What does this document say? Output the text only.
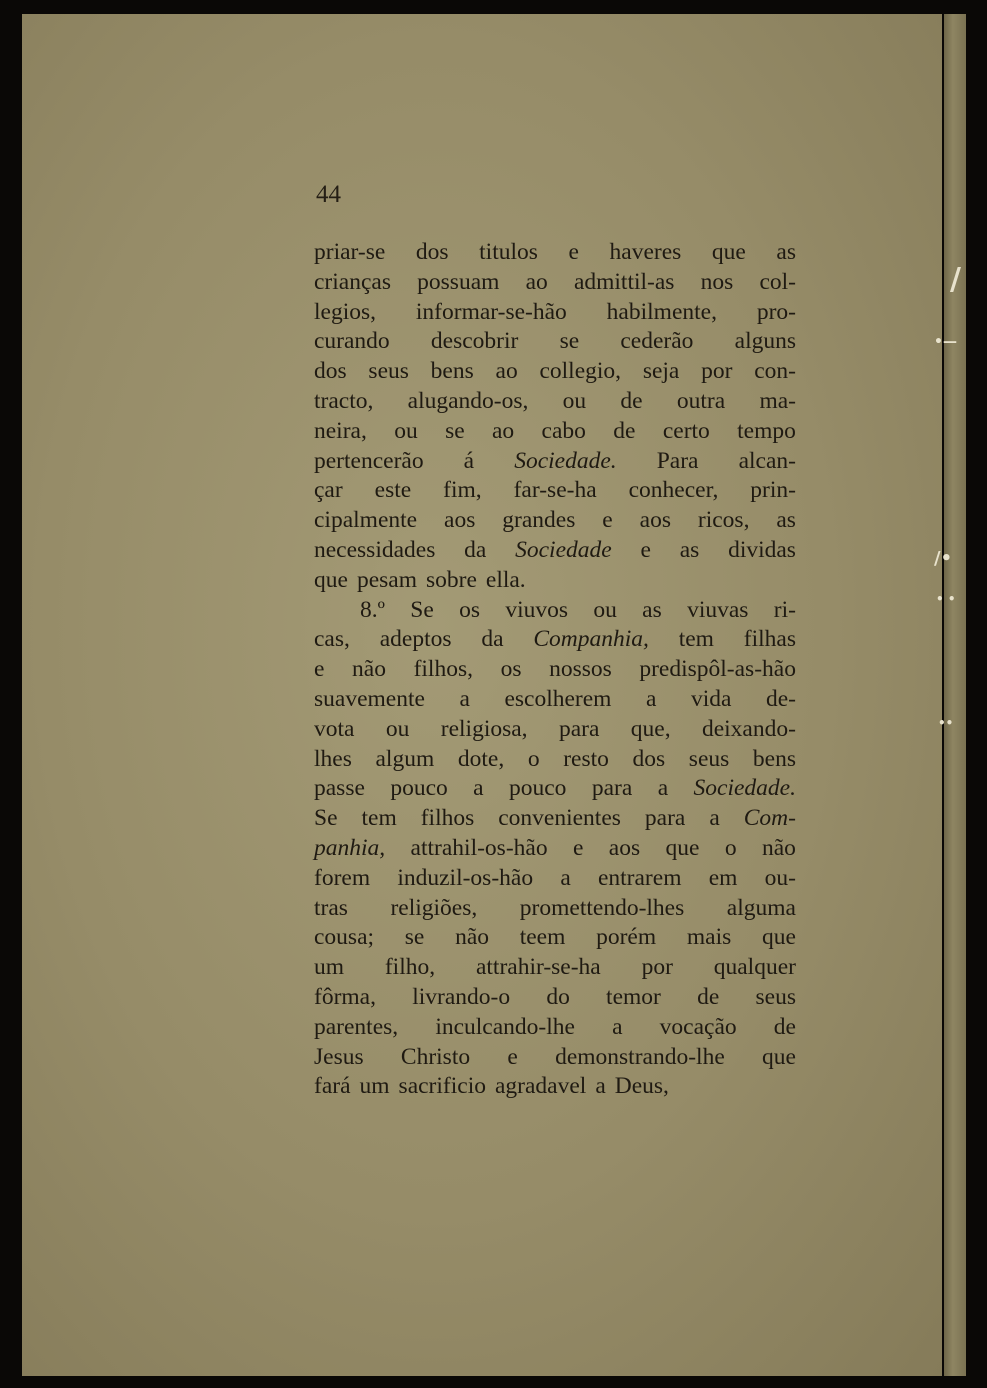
44
priar-se dos titulos e haveres que as
crianças possuam ao admittil-as nos col-
legios, informar-se-hão habilmente, pro-
curando descobrir se cederão alguns
dos seus bens ao collegio, seja por con-
tracto, alugando-os, ou de outra ma-
neira, ou se ao cabo de certo tempo
pertencerão á Sociedade. Para alcan-
çar este fim, far-se-ha conhecer, prin-
cipalmente aos grandes e aos ricos, as
necessidades da Sociedade e as dividas
que pesam sobre ella.
8.º Se os viuvos ou as viuvas ri-
cas, adeptos da Companhia, tem filhas
e não filhos, os nossos predispôl-as-hão
suavemente a escolherem a vida de-
vota ou religiosa, para que, deixando-
lhes algum dote, o resto dos seus bens
passe pouco a pouco para a Sociedade.
Se tem filhos convenientes para a Com-
panhia, attrahil-os-hão e aos que o não
forem induzil-os-hão a entrarem em ou-
tras religiões, promettendo-lhes alguma
cousa; se não teem porém mais que
um filho, attrahir-se-ha por qualquer
fôrma, livrando-o do temor de seus
parentes, inculcando-lhe a vocação de
Jesus Christo e demonstrando-lhe que
fará um sacrificio agradavel a Deus,
/
•—
/•
• •
••
